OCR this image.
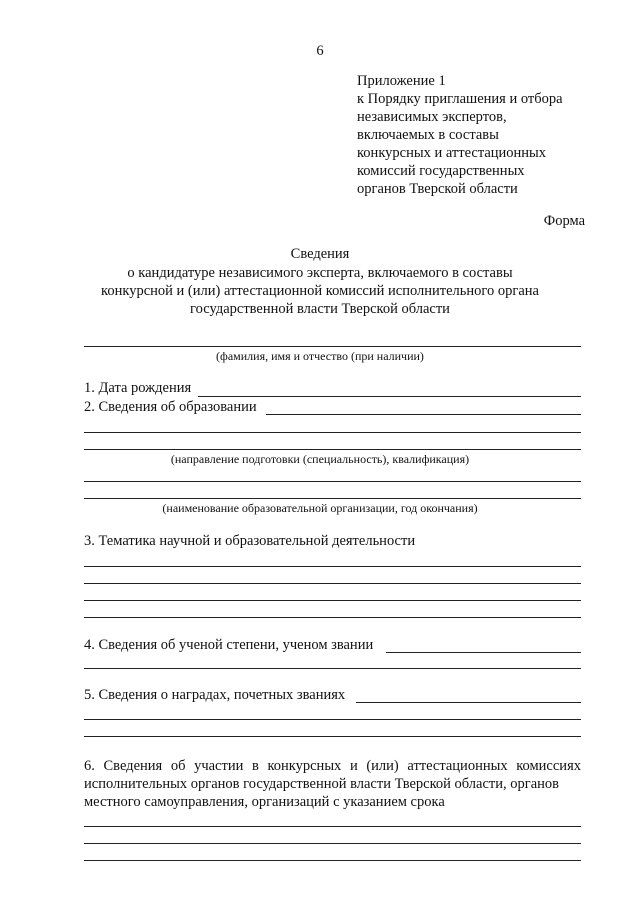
6
Приложение 1
к Порядку приглашения и отбора
независимых экспертов,
включаемых в составы
конкурсных и аттестационных
комиссий государственных
органов Тверской области
Форма
Сведения
о кандидатуре независимого эксперта, включаемого в составы
конкурсной и (или) аттестационной комиссий исполнительного органа
государственной власти Тверской области
(фамилия, имя и отчество (при наличии)
1. Дата рождения
2. Сведения об образовании
(направление подготовки (специальность), квалификация)
(наименование образовательной организации, год окончания)
3. Тематика научной и образовательной деятельности
4. Сведения об ученой степени, ученом звании
5. Сведения о наградах, почетных званиях
6. Сведения об участии в конкурсных и (или) аттестационных комиссиях
исполнительных органов государственной власти Тверской области, органов
местного самоуправления, организаций с указанием срока
